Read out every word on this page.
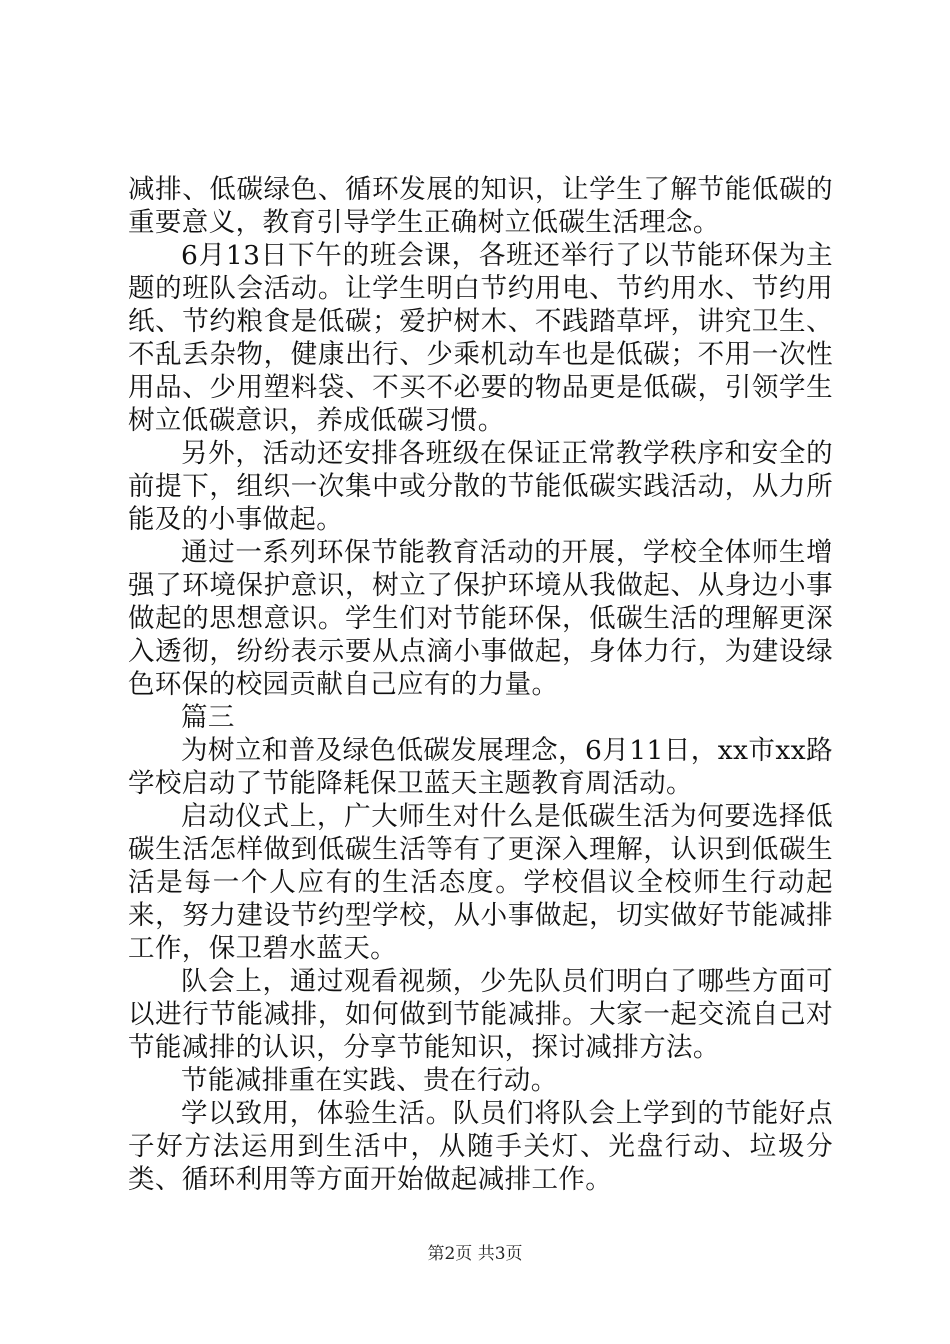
减排、低碳绿色、循环发展的知识，让学生了解节能低碳的重要意义，教育引导学生正确树立低碳生活理念。

6月13日下午的班会课，各班还举行了以节能环保为主题的班队会活动。让学生明白节约用电、节约用水、节约用纸、节约粮食是低碳；爱护树木、不践踏草坪，讲究卫生、不乱丢杂物，健康出行、少乘机动车也是低碳；不用一次性用品、少用塑料袋、不买不必要的物品更是低碳，引领学生树立低碳意识，养成低碳习惯。

另外，活动还安排各班级在保证正常教学秩序和安全的前提下，组织一次集中或分散的节能低碳实践活动，从力所能及的小事做起。

通过一系列环保节能教育活动的开展，学校全体师生增强了环境保护意识，树立了保护环境从我做起、从身边小事做起的思想意识。学生们对节能环保，低碳生活的理解更深入透彻，纷纷表示要从点滴小事做起，身体力行，为建设绿色环保的校园贡献自己应有的力量。

篇三

为树立和普及绿色低碳发展理念，6月11日，xx市xx路学校启动了节能降耗保卫蓝天主题教育周活动。

启动仪式上，广大师生对什么是低碳生活为何要选择低碳生活怎样做到低碳生活等有了更深入理解，认识到低碳生活是每一个人应有的生活态度。学校倡议全校师生行动起来，努力建设节约型学校，从小事做起，切实做好节能减排工作，保卫碧水蓝天。

队会上，通过观看视频，少先队员们明白了哪些方面可以进行节能减排，如何做到节能减排。大家一起交流自己对节能减排的认识，分享节能知识，探讨减排方法。

节能减排重在实践、贵在行动。

学以致用，体验生活。队员们将队会上学到的节能好点子好方法运用到生活中，从随手关灯、光盘行动、垃圾分类、循环利用等方面开始做起减排工作。

第2页 共3页
